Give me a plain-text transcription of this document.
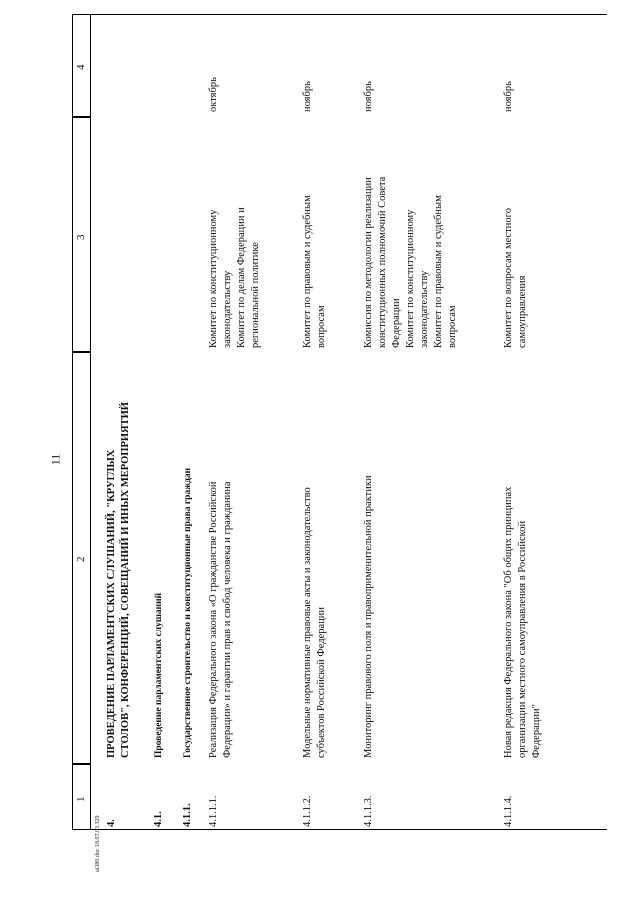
11
ai380.doc 18.07.03 329
1
2
3
4
4.
ПРОВЕДЕНИЕ ПАРЛАМЕНТСКИХ СЛУШАНИЙ, "КРУГЛЫХ СТОЛОВ", КОНФЕРЕНЦИЙ, СОВЕЩАНИЙ И ИНЫХ МЕРОПРИЯТИЙ
4.1.
Проведение парламентских слушаний
4.1.1.
Государственное строительство и конституционные права граждан
4.1.1.1.
Реализация Федерального закона «О гражданстве Российской Федерации» и гарантии прав и свобод человека и гражданина
Комитет по конституционному законодательству Комитет по делам Федерации и региональной политике
октябрь
4.1.1.2.
Модельные нормативные правовые акты и законодательство субъектов Российской Федерации
Комитет по правовым и судебным вопросам
ноябрь
4.1.1.3.
Мониторинг правового поля и правоприменительной практики
Комиссия по методологии реализации конституционных полномочий Совета Федерации Комитет по конституционному законодательству Комитет по правовым и судебным вопросам
ноябрь
4.1.1.4.
Новая редакция Федерального закона "Об общих принципах организации местного самоуправления в Российской Федерации"
Комитет по вопросам местного самоуправления
ноябрь
